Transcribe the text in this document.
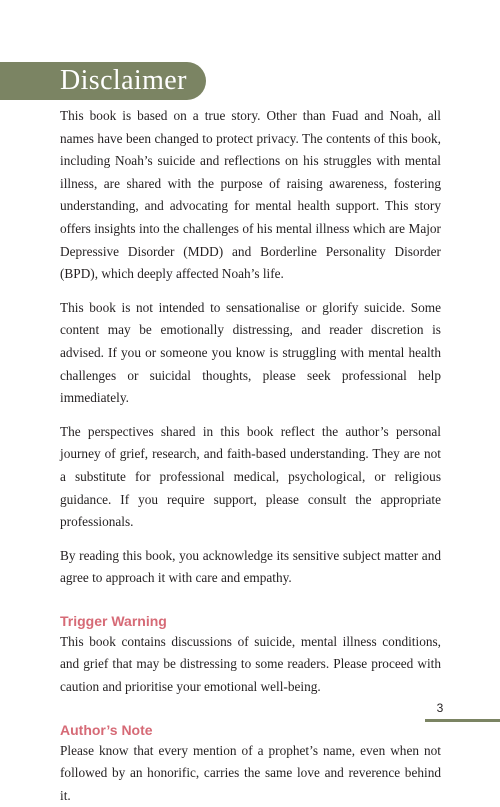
Disclaimer

This book is based on a true story. Other than Fuad and Noah, all names have been changed to protect privacy. The contents of this book, including Noah’s suicide and reflections on his struggles with mental illness, are shared with the purpose of raising awareness, fostering understanding, and advocating for mental health support. This story offers insights into the challenges of his mental illness which are Major Depressive Disorder (MDD) and Borderline Personality Disorder (BPD), which deeply affected Noah’s life.

This book is not intended to sensationalise or glorify suicide. Some content may be emotionally distressing, and reader discretion is advised. If you or someone you know is struggling with mental health challenges or suicidal thoughts, please seek professional help immediately.

The perspectives shared in this book reflect the author’s personal journey of grief, research, and faith-based understanding. They are not a substitute for professional medical, psychological, or religious guidance. If you require support, please consult the appropriate professionals.

By reading this book, you acknowledge its sensitive subject matter and agree to approach it with care and empathy.

Trigger Warning

This book contains discussions of suicide, mental illness conditions, and grief that may be distressing to some readers. Please proceed with caution and prioritise your emotional well-being.

Author’s Note

Please know that every mention of a prophet’s name, even when not followed by an honorific, carries the same love and reverence behind it.

3
